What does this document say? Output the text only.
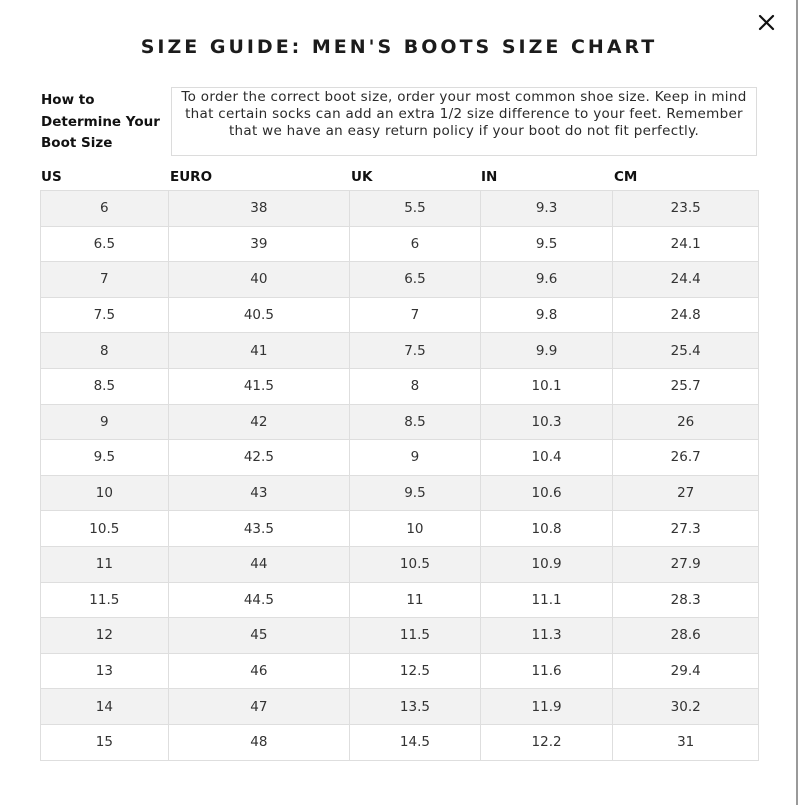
SIZE GUIDE: MEN'S BOOTS SIZE CHART
How to
Determine Your
Boot Size
To order the correct boot size, order your most common shoe size. Keep in mind that certain socks can add an extra 1/2 size difference to your feet. Remember that we have an easy return policy if your boot do not fit perfectly.
US	EURO	UK	IN	CM
6	38	5.5	9.3	23.5
6.5	39	6	9.5	24.1
7	40	6.5	9.6	24.4
7.5	40.5	7	9.8	24.8
8	41	7.5	9.9	25.4
8.5	41.5	8	10.1	25.7
9	42	8.5	10.3	26
9.5	42.5	9	10.4	26.7
10	43	9.5	10.6	27
10.5	43.5	10	10.8	27.3
11	44	10.5	10.9	27.9
11.5	44.5	11	11.1	28.3
12	45	11.5	11.3	28.6
13	46	12.5	11.6	29.4
14	47	13.5	11.9	30.2
15	48	14.5	12.2	31
